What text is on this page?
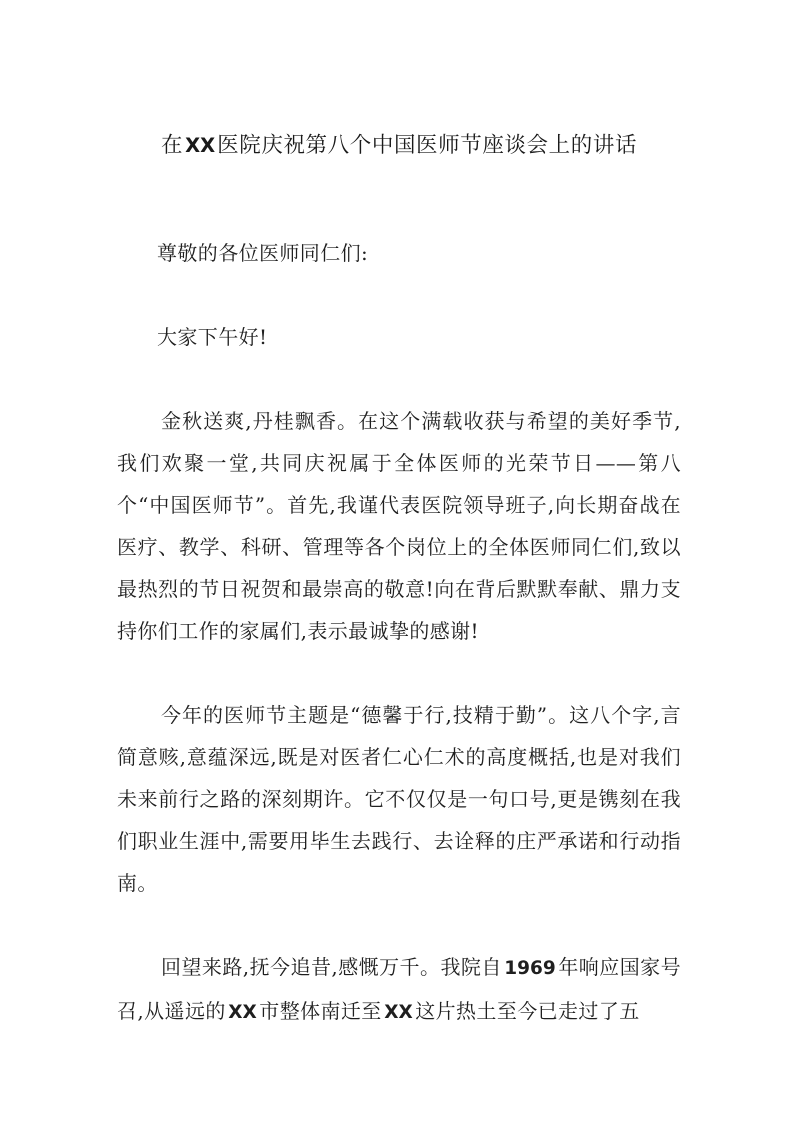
在 XX医院庆祝第八个中国医师节座谈会上的讲话

尊敬的各位医师同仁们:

大家下午好!

金秋送爽,丹桂飘香。在这个满载收获与希望的美好季节,我们欢聚一堂,共同庆祝属于全体医师的光荣节日——第八个“中国医师节”。首先,我谨代表医院领导班子,向长期奋战在医疗、教学、科研、管理等各个岗位上的全体医师同仁们,致以最热烈的节日祝贺和最崇高的敬意!向在背后默默奉献、鼎力支持你们工作的家属们,表示最诚挚的感谢!

今年的医师节主题是“德馨于行,技精于勤”。这八个字,言简意赅,意蕴深远,既是对医者仁心仁术的高度概括,也是对我们未来前行之路的深刻期许。它不仅仅是一句口号,更是镌刻在我们职业生涯中,需要用毕生去践行、去诠释的庄严承诺和行动指南。

回望来路,抚今追昔,感慨万千。我院自 1969 年响应国家号召,从遥远的 XX 市整体南迁至 XX 这片热土至今已走过了五
